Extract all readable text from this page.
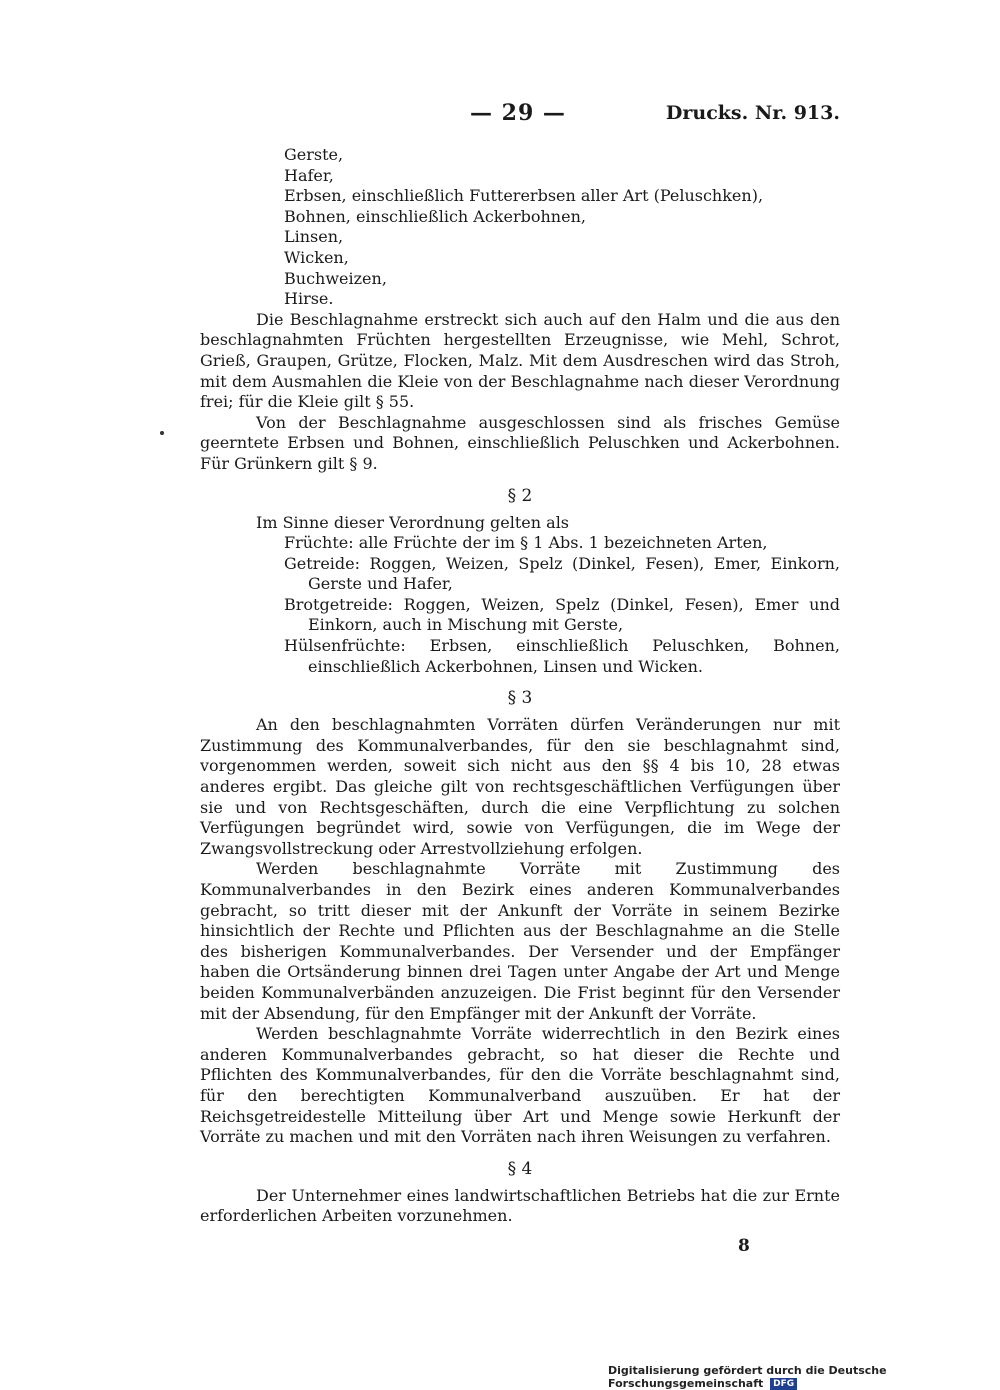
— 29 —	Drucks. Nr. 913.
Gerste,
Hafer,
Erbsen, einschließlich Futtererbsen aller Art (Peluschken),
Bohnen, einschließlich Ackerbohnen,
Linsen,
Wicken,
Buchweizen,
Hirse.

Die Beschlagnahme erstreckt sich auch auf den Halm und die aus den beschlagnahmten Früchten hergestellten Erzeugnisse, wie Mehl, Schrot, Grieß, Graupen, Grütze, Flocken, Malz. Mit dem Ausdreschen wird das Stroh, mit dem Ausmahlen die Kleie von der Beschlagnahme nach dieser Verordnung frei; für die Kleie gilt § 55.

Von der Beschlagnahme ausgeschlossen sind als frisches Gemüse geerntete Erbsen und Bohnen, einschließlich Peluschken und Ackerbohnen. Für Grünkern gilt § 9.

§ 2

Im Sinne dieser Verordnung gelten als

Früchte: alle Früchte der im § 1 Abs. 1 bezeichneten Arten,

Getreide: Roggen, Weizen, Spelz (Dinkel, Fesen), Emer, Einkorn, Gerste und Hafer,

Brotgetreide: Roggen, Weizen, Spelz (Dinkel, Fesen), Emer und Einkorn, auch in Mischung mit Gerste,

Hülsenfrüchte: Erbsen, einschließlich Peluschken, Bohnen, einschließlich Ackerbohnen, Linsen und Wicken.

§ 3

An den beschlagnahmten Vorräten dürfen Veränderungen nur mit Zustimmung des Kommunalverbandes, für den sie beschlagnahmt sind, vorgenommen werden, soweit sich nicht aus den §§ 4 bis 10, 28 etwas anderes ergibt. Das gleiche gilt von rechtsgeschäftlichen Verfügungen über sie und von Rechtsgeschäften, durch die eine Verpflichtung zu solchen Verfügungen begründet wird, sowie von Verfügungen, die im Wege der Zwangsvollstreckung oder Arrestvollziehung erfolgen.

Werden beschlagnahmte Vorräte mit Zustimmung des Kommunalverbandes in den Bezirk eines anderen Kommunalverbandes gebracht, so tritt dieser mit der Ankunft der Vorräte in seinem Bezirke hinsichtlich der Rechte und Pflichten aus der Beschlagnahme an die Stelle des bisherigen Kommunalverbandes. Der Versender und der Empfänger haben die Ortsänderung binnen drei Tagen unter Angabe der Art und Menge beiden Kommunalverbänden anzuzeigen. Die Frist beginnt für den Versender mit der Absendung, für den Empfänger mit der Ankunft der Vorräte.

Werden beschlagnahmte Vorräte widerrechtlich in den Bezirk eines anderen Kommunalverbandes gebracht, so hat dieser die Rechte und Pflichten des Kommunalverbandes, für den die Vorräte beschlagnahmt sind, für den berechtigten Kommunalverband auszuüben. Er hat der Reichsgetreidestelle Mitteilung über Art und Menge sowie Herkunft der Vorräte zu machen und mit den Vorräten nach ihren Weisungen zu verfahren.

§ 4

Der Unternehmer eines landwirtschaftlichen Betriebs hat die zur Ernte erforderlichen Arbeiten vorzunehmen.

8
Digitalisierung gefördert durch die Deutsche Forschungsgemeinschaft DFG
